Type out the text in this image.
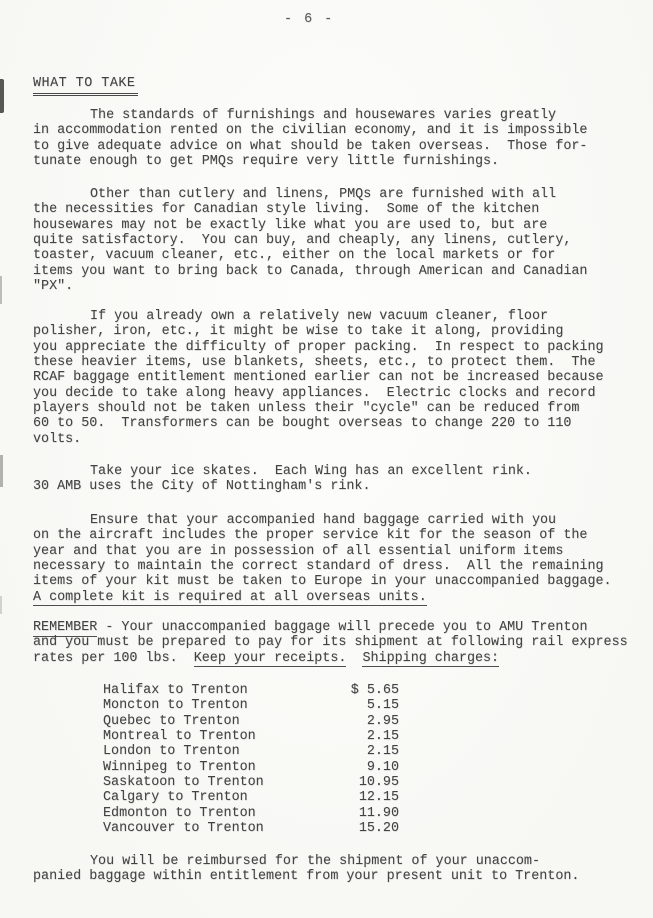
- 6 -
WHAT TO TAKE
The standards of furnishings and housewares varies greatly
in accommodation rented on the civilian economy, and it is impossible
to give adequate advice on what should be taken overseas.  Those for-
tunate enough to get PMQs require very little furnishings.
Other than cutlery and linens, PMQs are furnished with all
the necessities for Canadian style living.  Some of the kitchen
housewares may not be exactly like what you are used to, but are
quite satisfactory.  You can buy, and cheaply, any linens, cutlery,
toaster, vacuum cleaner, etc., either on the local markets or for
items you want to bring back to Canada, through American and Canadian
"PX".
If you already own a relatively new vacuum cleaner, floor
polisher, iron, etc., it might be wise to take it along, providing
you appreciate the difficulty of proper packing.  In respect to packing
these heavier items, use blankets, sheets, etc., to protect them.  The
RCAF baggage entitlement mentioned earlier can not be increased because
you decide to take along heavy appliances.  Electric clocks and record
players should not be taken unless their "cycle" can be reduced from
60 to 50.  Transformers can be bought overseas to change 220 to 110
volts.
Take your ice skates.  Each Wing has an excellent rink.
30 AMB uses the City of Nottingham's rink.
Ensure that your accompanied hand baggage carried with you
on the aircraft includes the proper service kit for the season of the
year and that you are in possession of all essential uniform items
necessary to maintain the correct standard of dress.  All the remaining
items of your kit must be taken to Europe in your unaccompanied baggage.
A complete kit is required at all overseas units.
REMEMBER - Your unaccompanied baggage will precede you to AMU Trenton
and you must be prepared to pay for its shipment at following rail express
rates per 100 lbs.  Keep your receipts. Shipping charges:
Halifax to Trenton	$ 5.65
Moncton to Trenton	5.15
Quebec to Trenton	2.95
Montreal to Trenton	2.15
London to Trenton	2.15
Winnipeg to Trenton	9.10
Saskatoon to Trenton	10.95
Calgary to Trenton	12.15
Edmonton to Trenton	11.90
Vancouver to Trenton	15.20
You will be reimbursed for the shipment of your unaccom-
panied baggage within entitlement from your present unit to Trenton.
